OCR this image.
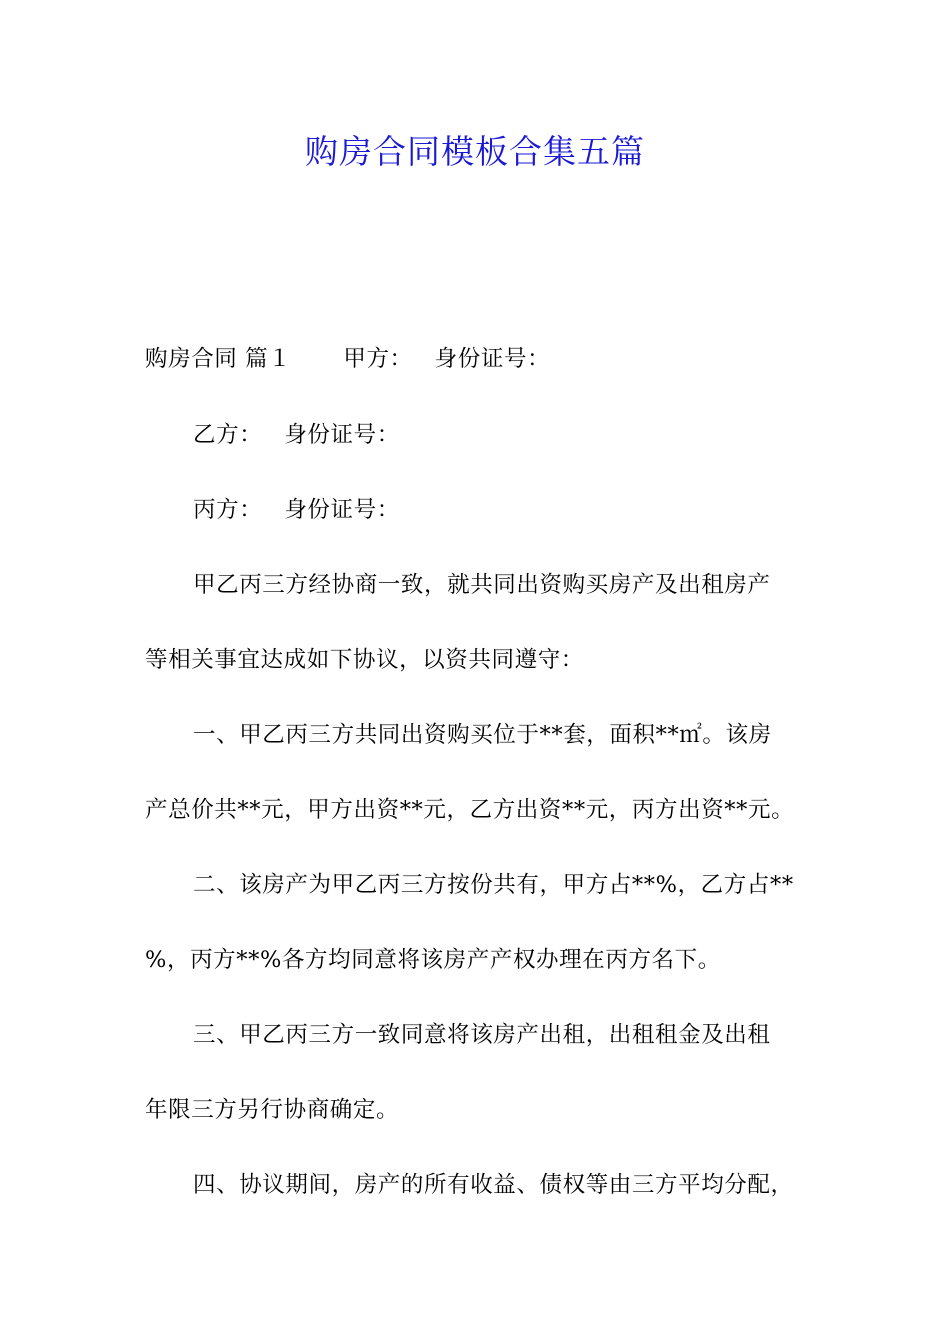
购房合同模板合集五篇
购房合同 篇１ 甲方： 身份证号：
乙方： 身份证号：
丙方： 身份证号：
甲乙丙三方经协商一致，就共同出资购买房产及出租房产
等相关事宜达成如下协议，以资共同遵守：
一、甲乙丙三方共同出资购买位于**套，面积**㎡。该房
产总价共**元，甲方出资**元，乙方出资**元，丙方出资**元。
二、该房产为甲乙丙三方按份共有，甲方占**%，乙方占**
%，丙方**%各方均同意将该房产产权办理在丙方名下。
三、甲乙丙三方一致同意将该房产出租，出租租金及出租
年限三方另行协商确定。
四、协议期间，房产的所有收益、债权等由三方平均分配，
